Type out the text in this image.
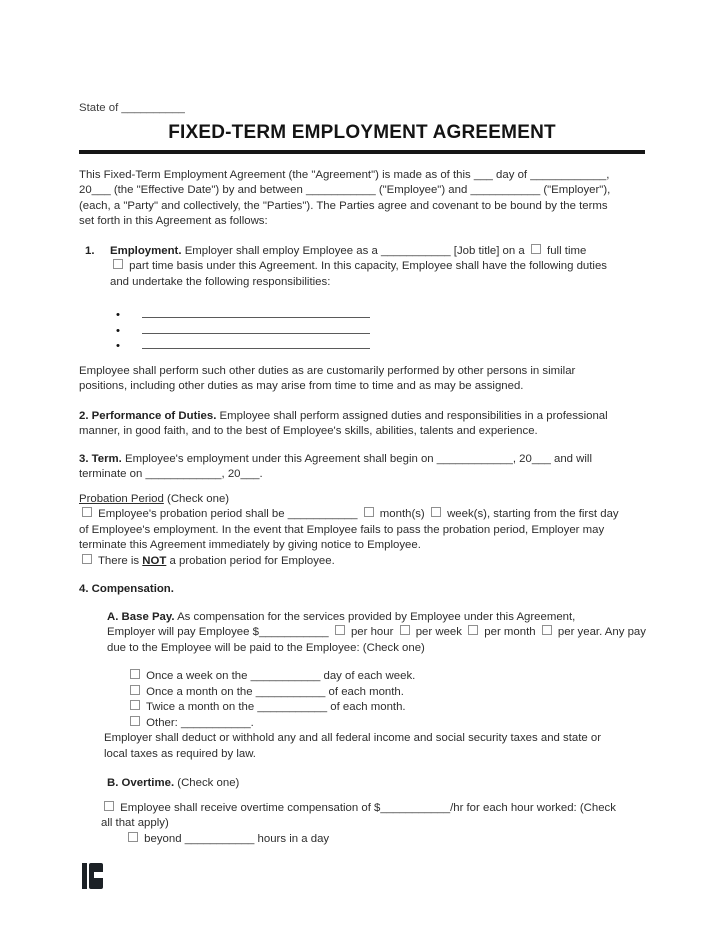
State of __________
FIXED-TERM EMPLOYMENT AGREEMENT
This Fixed-Term Employment Agreement (the "Agreement") is made as of this ___ day of ____________,
20___ (the "Effective Date") by and between ___________ ("Employee") and ___________ ("Employer"),
(each, a "Party" and collectively, the "Parties"). The Parties agree and covenant to be bound by the terms
set forth in this Agreement as follows:
1. Employment. Employer shall employ Employee as a ___________ [Job title] on a  full time
part time basis under this Agreement. In this capacity, Employee shall have the following duties
and undertake the following responsibilities:
•
•
•
Employee shall perform such other duties as are customarily performed by other persons in similar
positions, including other duties as may arise from time to time and as may be assigned.
2. Performance of Duties. Employee shall perform assigned duties and responsibilities in a professional
manner, in good faith, and to the best of Employee's skills, abilities, talents and experience.
3. Term. Employee's employment under this Agreement shall begin on ____________, 20___ and will
terminate on ____________, 20___.
Probation Period (Check one)
Employee's probation period shall be ___________  month(s)  week(s), starting from the first day
of Employee's employment. In the event that Employee fails to pass the probation period, Employer may
terminate this Agreement immediately by giving notice to Employee.
There is NOT a probation period for Employee.
4. Compensation.
A. Base Pay. As compensation for the services provided by Employee under this Agreement,
Employer will pay Employee $___________  per hour  per week  per month  per year. Any pay
due to the Employee will be paid to the Employee: (Check one)
Once a week on the ___________ day of each week.
Once a month on the ___________ of each month.
Twice a month on the ___________ of each month.
Other: ___________.
Employer shall deduct or withhold any and all federal income and social security taxes and state or
local taxes as required by law.
B. Overtime. (Check one)
Employee shall receive overtime compensation of $___________/hr for each hour worked: (Check
all that apply)
beyond ___________ hours in a day
